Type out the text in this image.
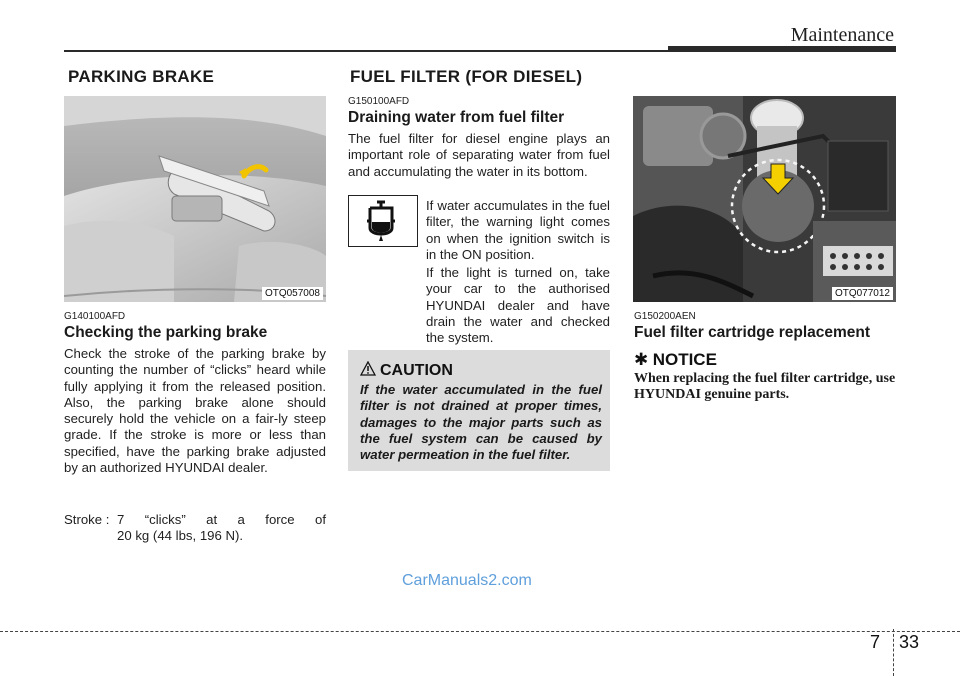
Maintenance
PARKING BRAKE
OTQ057008
G140100AFD
Checking the parking brake
Check the stroke of the parking brake by counting the number of “clicks” heard while fully applying it from the released position. Also, the parking brake alone should securely hold the vehicle on a fair-ly steep grade. If the stroke is more or less than specified, have the parking brake adjusted by an authorized HYUNDAI dealer.
Stroke : 7 “clicks” at a force of
20 kg (44 lbs, 196 N).
FUEL FILTER (FOR DIESEL)
G150100AFD
Draining water from fuel filter
The fuel filter for diesel engine plays an important role of separating water from fuel and accumulating the water in its bottom.
If water accumulates in the fuel filter, the warning light comes on when the ignition switch is in the ON position.
If the light is turned on, take your car to the authorised HYUNDAI dealer and have drain the water and checked the system.
CAUTION
If the water accumulated in the fuel filter is not drained at proper times, damages to the major parts such as the fuel system can be caused by water permeation in the fuel filter.
OTQ077012
G150200AEN
Fuel filter cartridge replacement
✱ NOTICE
When replacing the fuel filter cartridge, use HYUNDAI genuine parts.
CarManuals2.com
7 33
